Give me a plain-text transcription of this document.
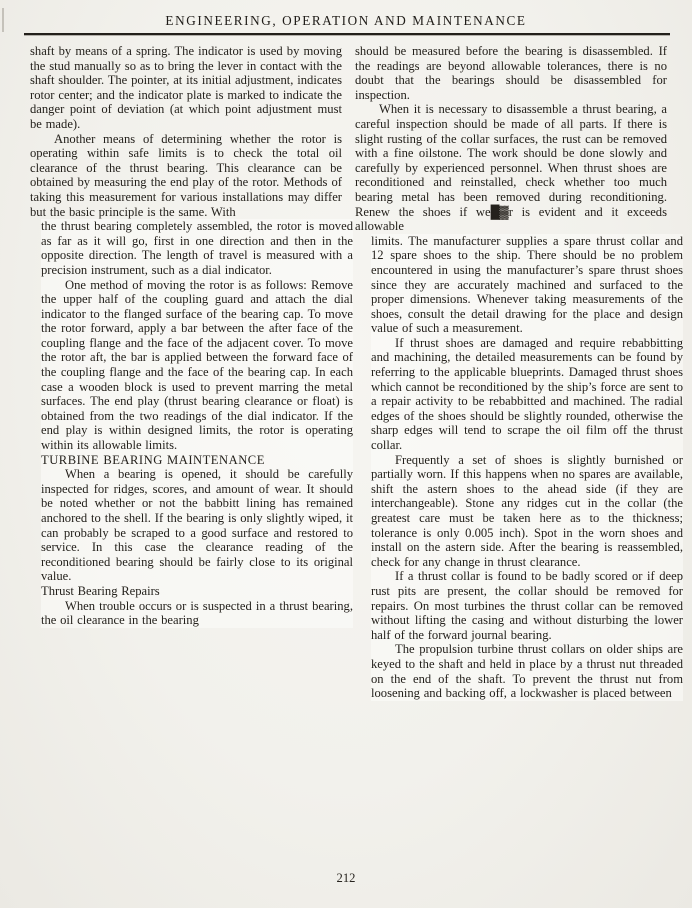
ENGINEERING, OPERATION AND MAINTENANCE

shaft by means of a spring. The indicator is used by moving the stud manually so as to bring the lever in contact with the shaft shoulder. The pointer, at its initial adjustment, indicates rotor center; and the indicator plate is marked to indicate the danger point of deviation (at which point adjustment must be made).

Another means of determining whether the rotor is operating within safe limits is to check the total oil clearance of the thrust bearing. This clearance can be obtained by measuring the end play of the rotor. Methods of taking this measurement for various installations may differ but the basic principle is the same. With

the thrust bearing completely assembled, the rotor is moved as far as it will go, first in one direction and then in the opposite direction. The length of travel is measured with a precision instrument, such as a dial indicator.

One method of moving the rotor is as follows: Remove the upper half of the coupling guard and attach the dial indicator to the flanged surface of the bearing cap. To move the rotor forward, apply a bar between the after face of the coupling flange and the face of the adjacent cover. To move the rotor aft, the bar is applied between the forward face of the coupling flange and the face of the bearing cap. In each case a wooden block is used to prevent marring the metal surfaces. The end play (thrust bearing clearance or float) is obtained from the two readings of the dial indicator. If the end play is within designed limits, the rotor is operating within its allowable limits.

TURBINE BEARING MAINTENANCE

When a bearing is opened, it should be carefully inspected for ridges, scores, and amount of wear. It should be noted whether or not the babbitt lining has remained anchored to the shell. If the bearing is only slightly wiped, it can probably be scraped to a good surface and restored to service. In this case the clearance reading of the reconditioned bearing should be fairly close to its original value.

Thrust Bearing Repairs

When trouble occurs or is suspected in a thrust bearing, the oil clearance in the bearing

should be measured before the bearing is disassembled. If the readings are beyond allowable tolerances, there is no doubt that the bearings should be disassembled for inspection.

When it is necessary to disassemble a thrust bearing, a careful inspection should be made of all parts. If there is slight rusting of the collar surfaces, the rust can be removed with a fine oilstone. The work should be done slowly and carefully by experienced personnel. When thrust shoes are reconditioned and reinstalled, check whether too much bearing metal has been removed during reconditioning. Renew the shoes if we█▓r is evident and it exceeds allowable

limits. The manufacturer supplies a spare thrust collar and 12 spare shoes to the ship. There should be no problem encountered in using the manufacturer’s spare thrust shoes since they are accurately machined and surfaced to the proper dimensions. Whenever taking measurements of the shoes, consult the detail drawing for the place and design value of such a measurement.

If thrust shoes are damaged and require rebabbitting and machining, the detailed measurements can be found by referring to the applicable blueprints. Damaged thrust shoes which cannot be reconditioned by the ship’s force are sent to a repair activity to be rebabbitted and machined. The radial edges of the shoes should be slightly rounded, otherwise the sharp edges will tend to scrape the oil film off the thrust collar.

Frequently a set of shoes is slightly burnished or partially worn. If this happens when no spares are available, shift the astern shoes to the ahead side (if they are interchangeable). Stone any ridges cut in the collar (the greatest care must be taken here as to the thickness; tolerance is only 0.005 inch). Spot in the worn shoes and install on the astern side. After the bearing is reassembled, check for any change in thrust clearance.

If a thrust collar is found to be badly scored or if deep rust pits are present, the collar should be removed for repairs. On most turbines the thrust collar can be removed without lifting the casing and without disturbing the lower half of the forward journal bearing.

The propulsion turbine thrust collars on older ships are keyed to the shaft and held in place by a thrust nut threaded on the end of the shaft. To prevent the thrust nut from loosening and backing off, a lockwasher is placed between

212
